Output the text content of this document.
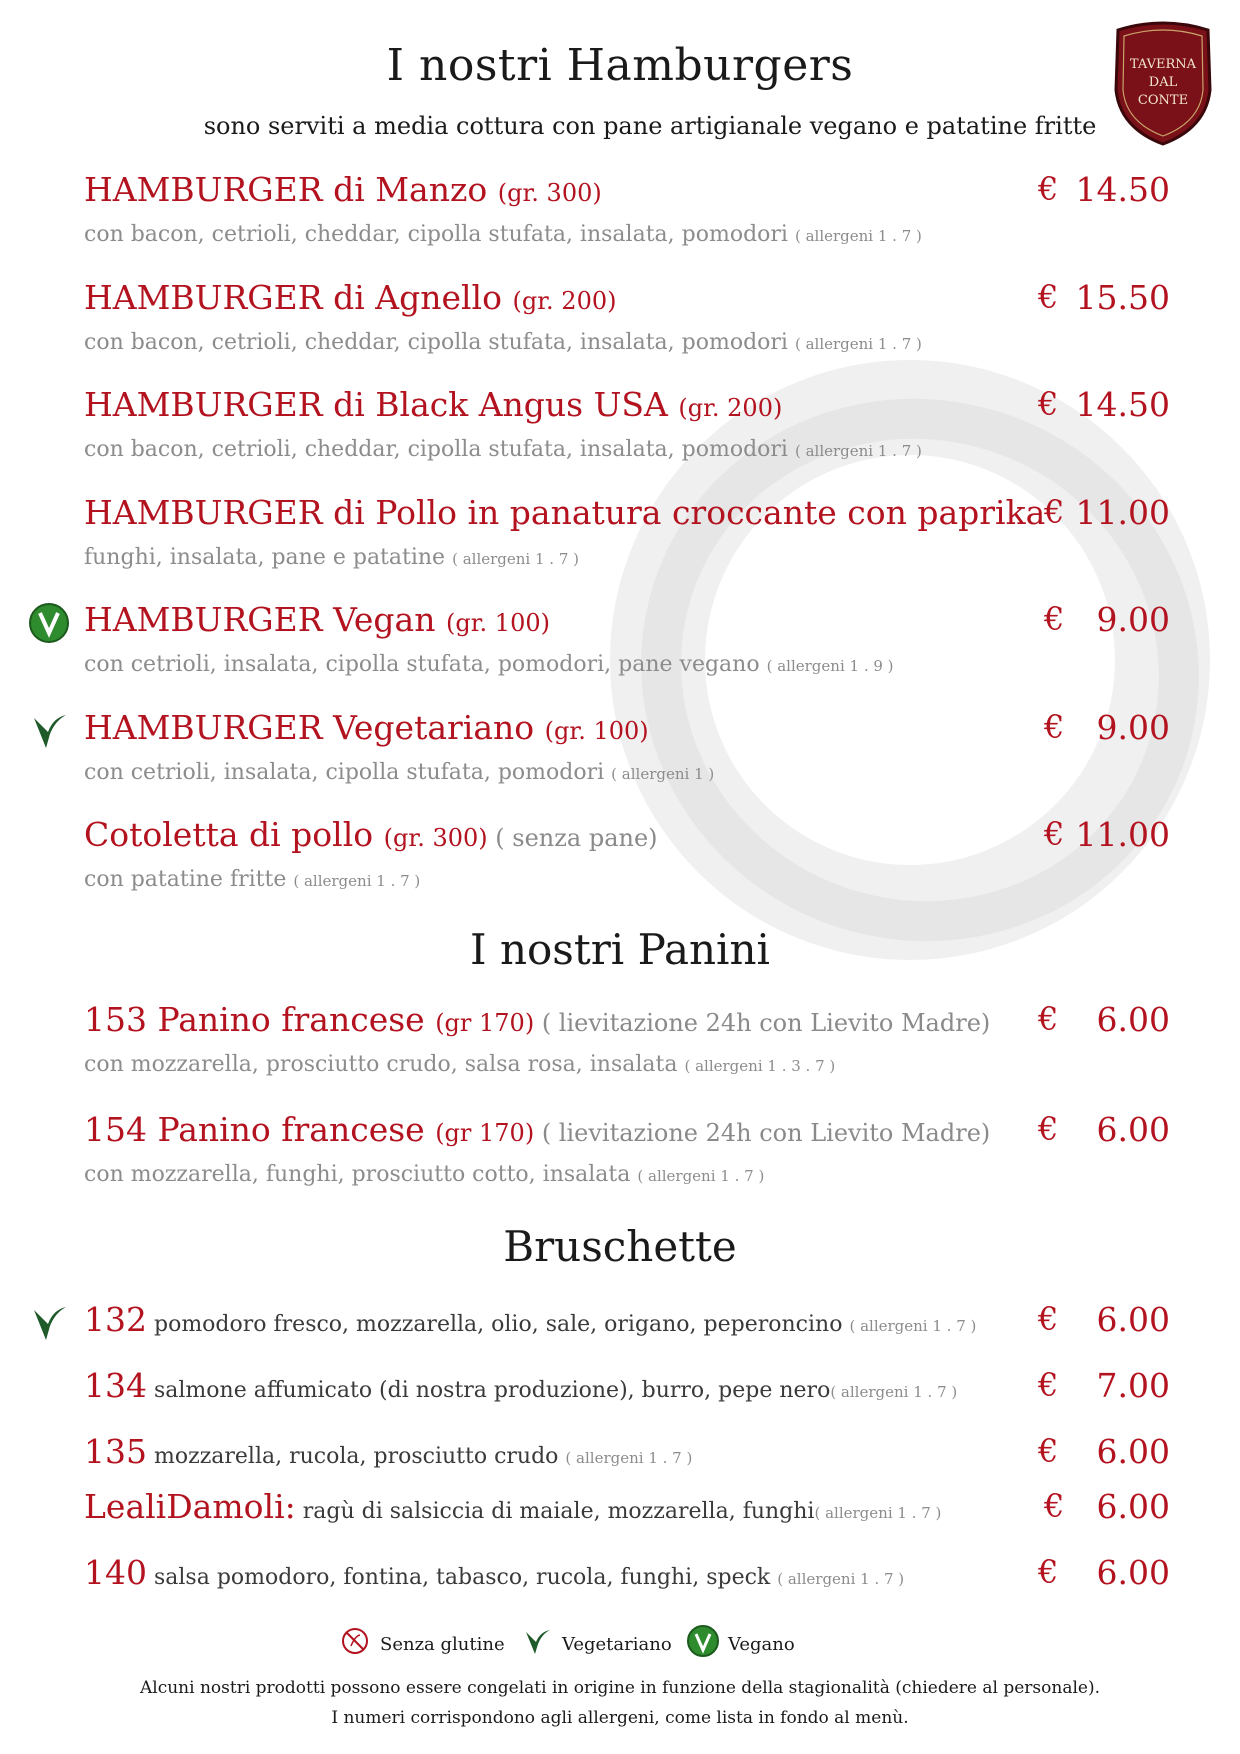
TAVERNA
DAL
CONTE
I nostri Hamburgers
sono serviti a media cottura con pane artigianale vegano e patatine fritte
HAMBURGER di Manzo (gr. 300)
con bacon, cetrioli, cheddar, cipolla stufata, insalata, pomodori ( allergeni 1 . 7 )
€ 14.50
HAMBURGER di Agnello (gr. 200)
con bacon, cetrioli, cheddar, cipolla stufata, insalata, pomodori ( allergeni 1 . 7 )
€ 15.50
HAMBURGER di Black Angus USA (gr. 200)
con bacon, cetrioli, cheddar, cipolla stufata, insalata, pomodori ( allergeni 1 . 7 )
€ 14.50
HAMBURGER di Pollo in panatura croccante con paprika
funghi, insalata, pane e patatine ( allergeni 1 . 7 )
€ 11.00
HAMBURGER Vegan (gr. 100)
con cetrioli, insalata, cipolla stufata, pomodori, pane vegano ( allergeni 1 . 9 )
€ 9.00
HAMBURGER Vegetariano (gr. 100)
con cetrioli, insalata, cipolla stufata, pomodori ( allergeni 1 )
€ 9.00
Cotoletta di pollo (gr. 300) ( senza pane)
con patatine fritte ( allergeni 1 . 7 )
€ 11.00
I nostri Panini
153 Panino francese (gr 170) ( lievitazione 24h con Lievito Madre)
con mozzarella, prosciutto crudo, salsa rosa, insalata ( allergeni 1 . 3 . 7 )
€	6.00
154 Panino francese (gr 170) ( lievitazione 24h con Lievito Madre)
con mozzarella, funghi, prosciutto cotto, insalata ( allergeni 1 . 7 )
€	6.00
Bruschette
132 pomodoro fresco, mozzarella, olio, sale, origano, peperoncino ( allergeni 1 . 7 ) €	6.00
134 salmone affumicato (di nostra produzione), burro, pepe nero( allergeni 1 . 7 )	€	7.00
135 mozzarella, rucola, prosciutto crudo ( allergeni 1 . 7 )	€	6.00
LealiDamoli: ragù di salsiccia di maiale, mozzarella, funghi( allergeni 1 . 7 )	€ 6.00
140 salsa pomodoro, fontina, tabasco, rucola, funghi, speck ( allergeni 1 . 7 )	€	6.00
Senza glutine	Vegetariano	Vegano
Alcuni nostri prodotti possono essere congelati in origine in funzione della stagionalità (chiedere al personale).
I numeri corrispondono agli allergeni, come lista in fondo al menù.
